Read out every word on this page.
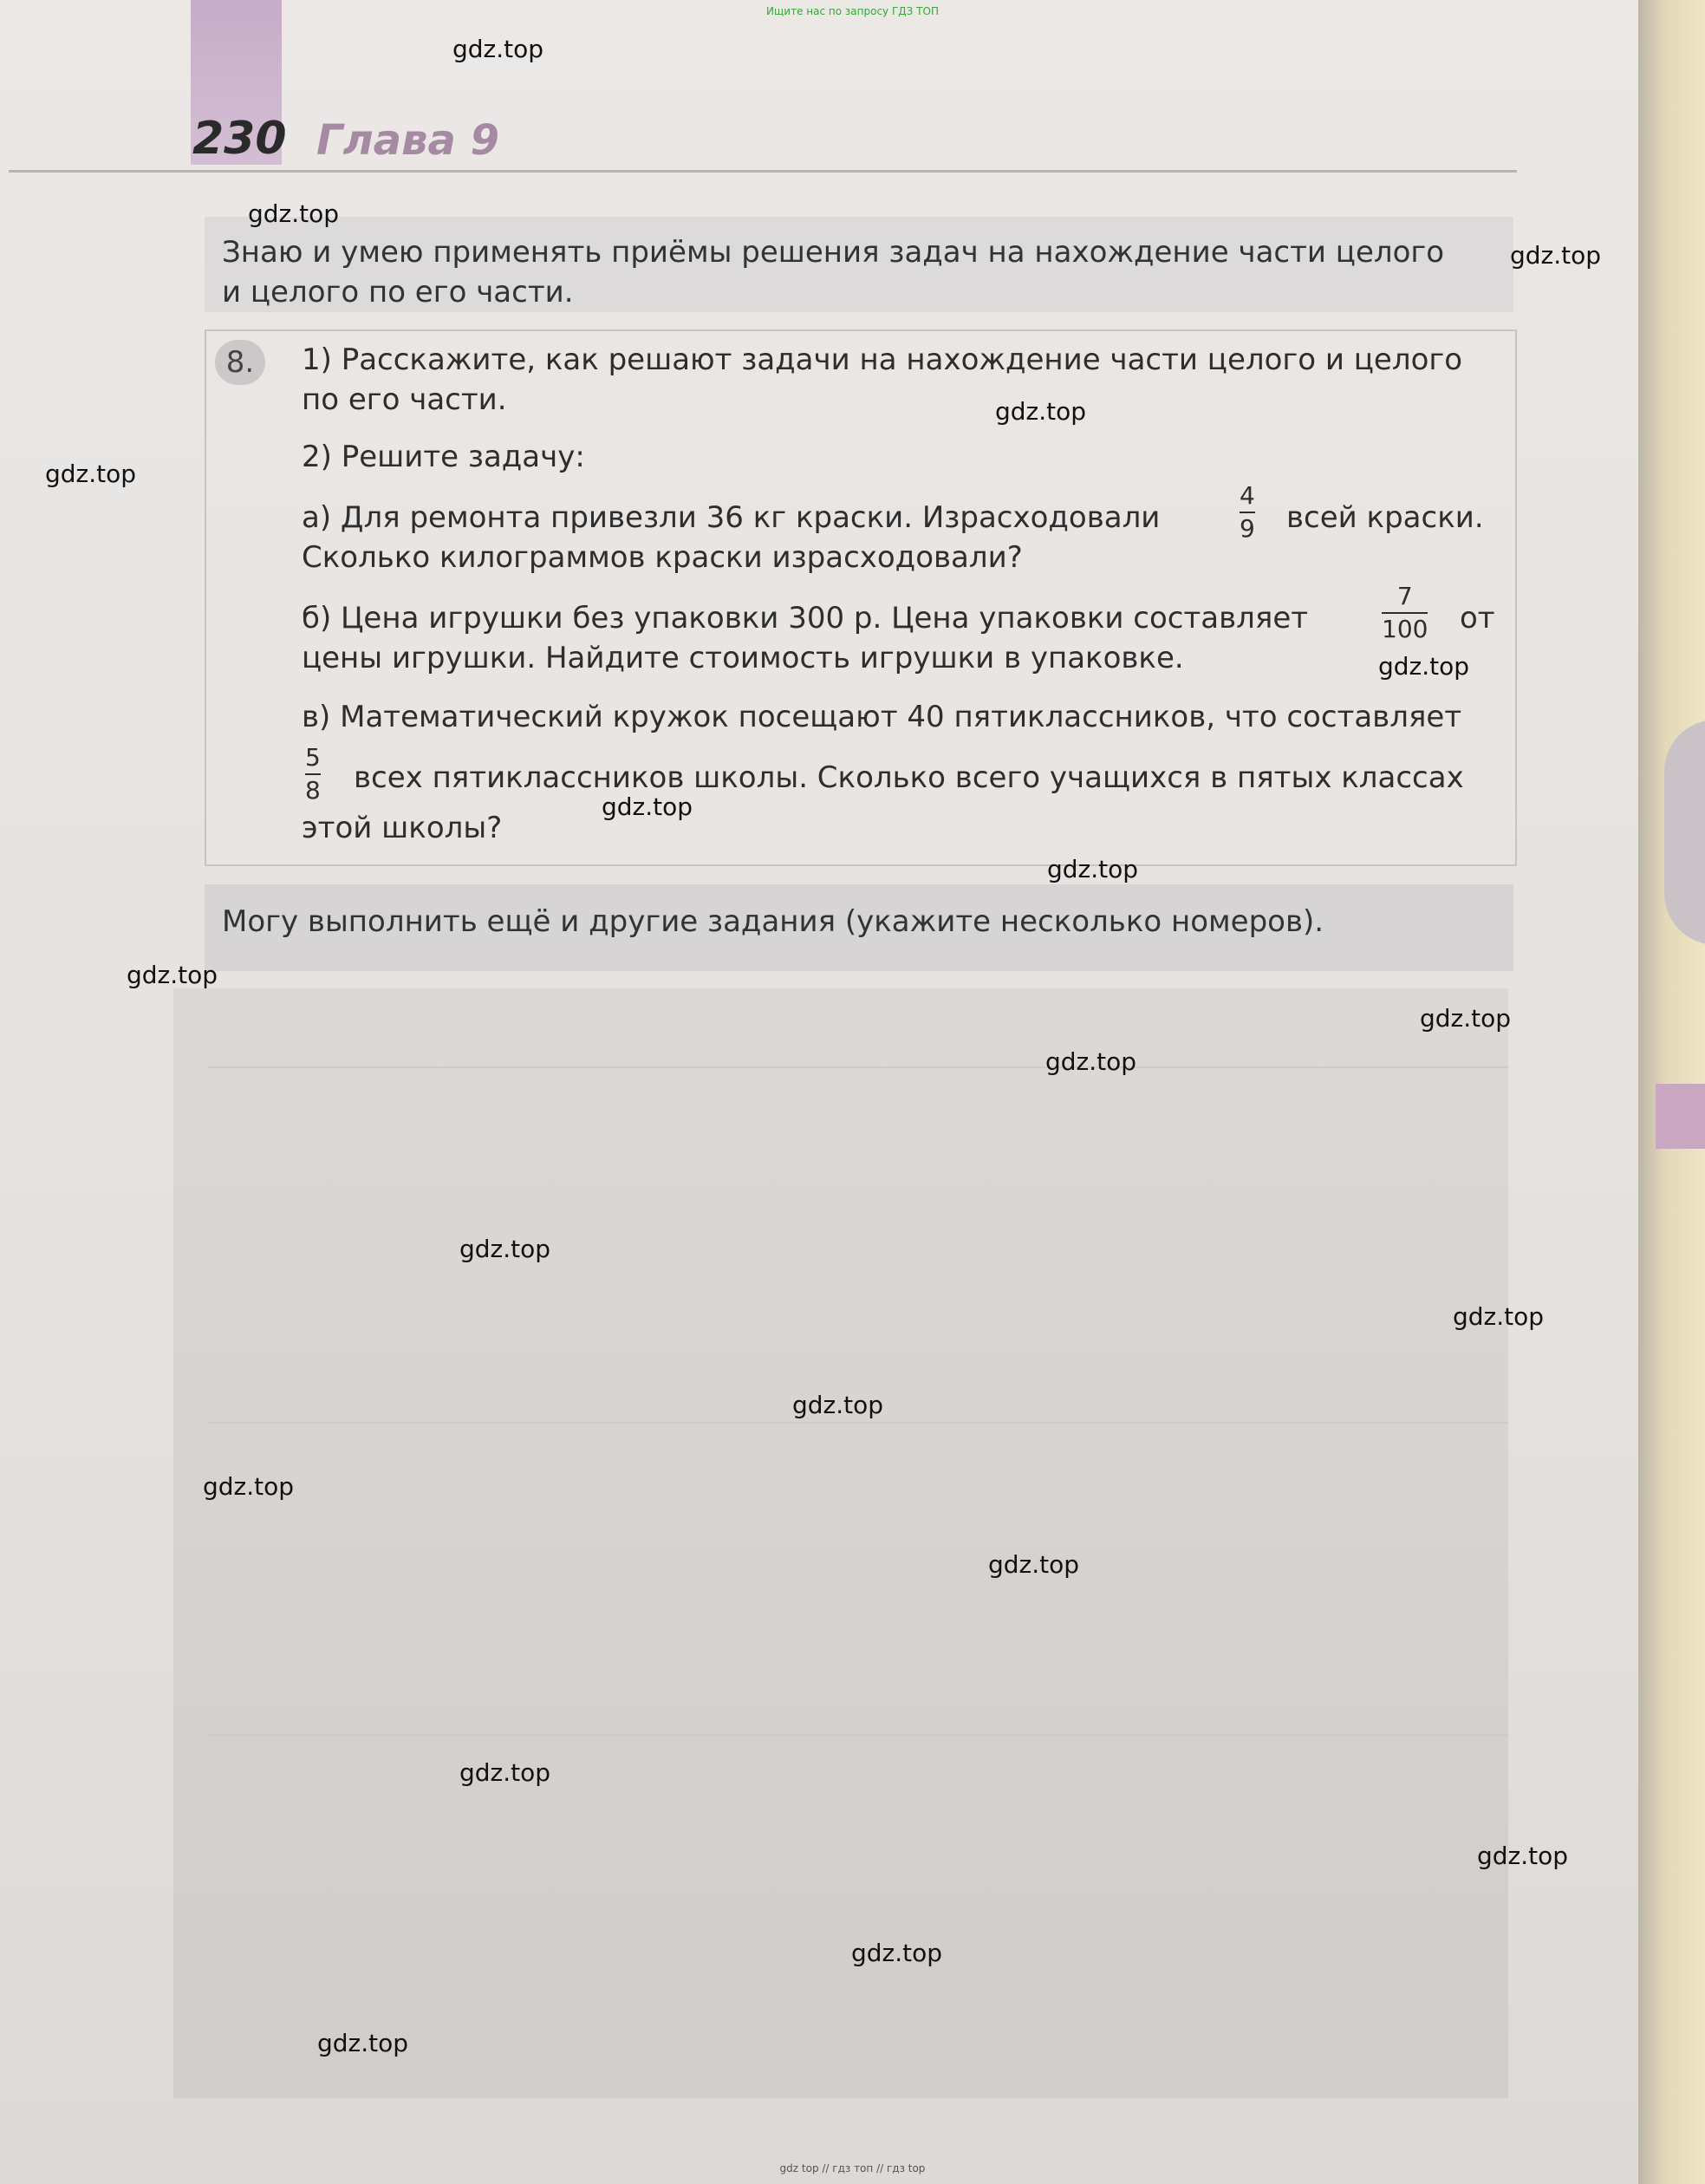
Ищите нас по запросу ГДЗ ТОП
230 Глава 9
Знаю и умею применять приёмы решения задач на нахождение части целого
и целого по его части.
8.	1) Расскажите, как решают задачи на нахождение части целого и целого
по его части.
2) Решите задачу:
а) Для ремонта привезли 36 кг краски. Израсходовали
4
9 всей краски.
Сколько килограммов краски израсходовали?
б) Цена игрушки без упаковки 300 р. Цена упаковки составляет
7
100 от
цены игрушки. Найдите стоимость игрушки в упаковке.
в) Математический кружок посещают 40 пятиклассников, что составляет
5
8 всех пятиклассников школы. Сколько всего учащихся в пятых классах
этой школы?
Могу выполнить ещё и другие задания (укажите несколько номеров).
gdz.top
gdz.top
gdz.top
gdz.top
gdz.top
gdz.top
gdz.top
gdz.top
gdz.top
gdz.top
gdz.top
gdz.top
gdz.top
gdz.top
gdz.top
gdz.top
gdz.top
gdz.top
gdz.top
gdz.top
gdz top // гдз топ // гдз top
